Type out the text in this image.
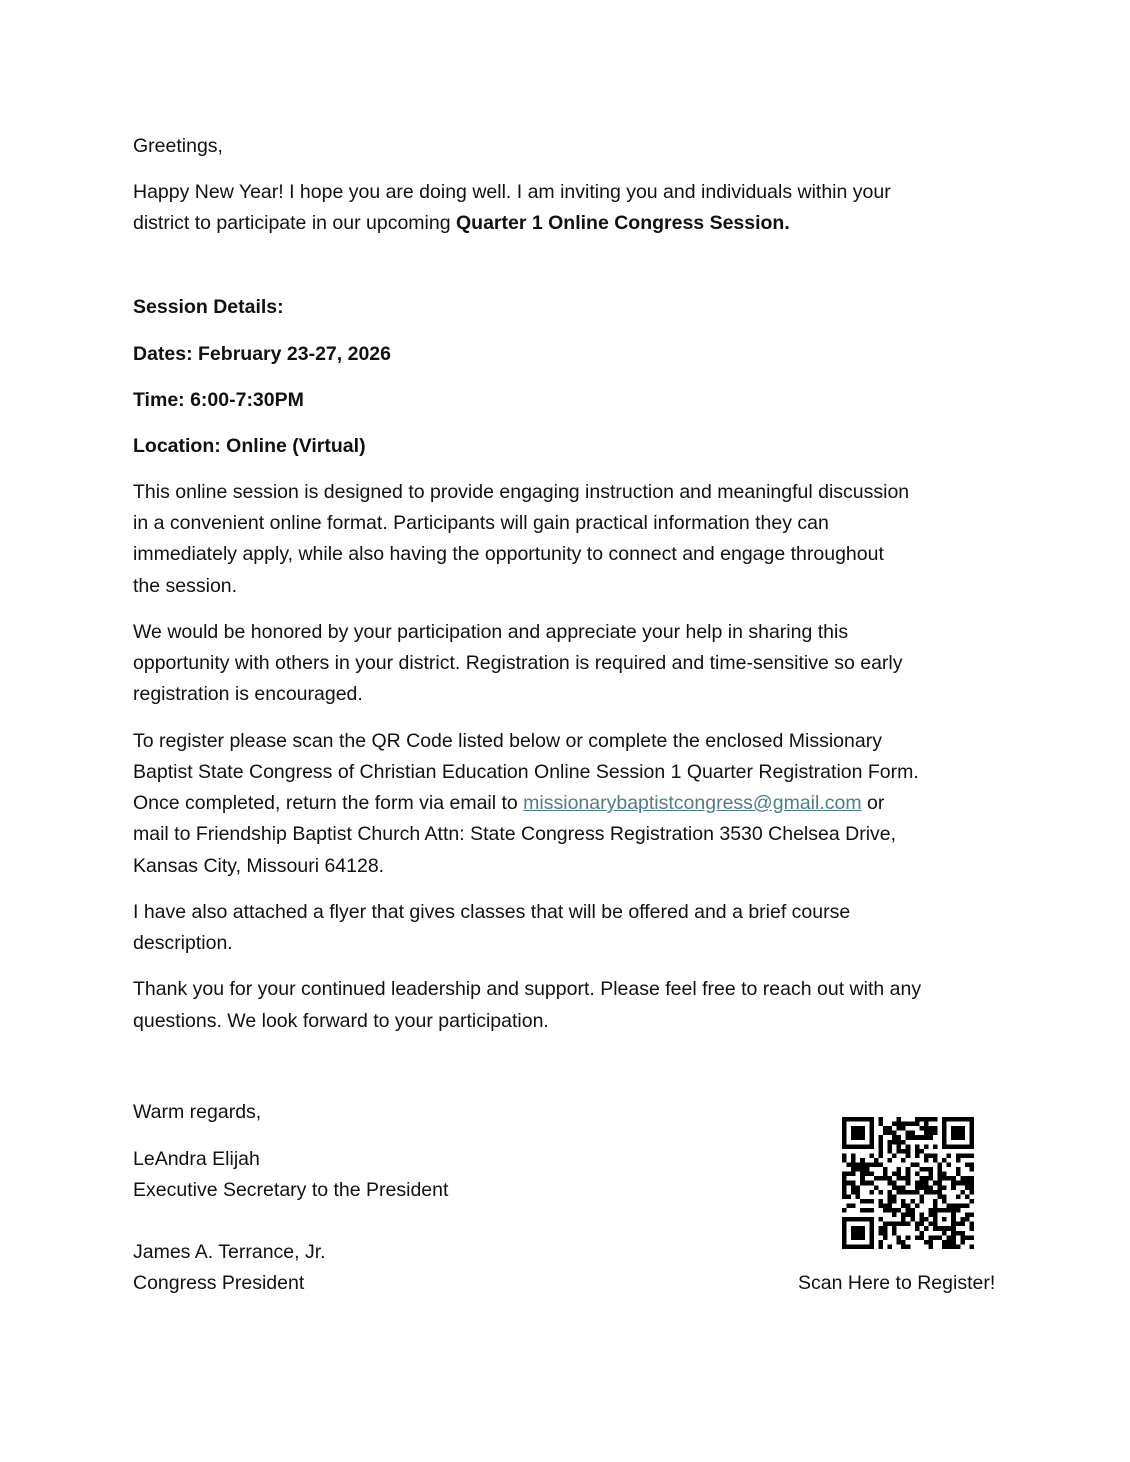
Greetings,

Happy New Year! I hope you are doing well. I am inviting you and individuals within your

district to participate in our upcoming Quarter 1 Online Congress Session.

Session Details:

Dates: February 23-27, 2026

Time: 6:00-7:30PM

Location: Online (Virtual)

This online session is designed to provide engaging instruction and meaningful discussion

in a convenient online format. Participants will gain practical information they can

immediately apply, while also having the opportunity to connect and engage throughout

the session.

We would be honored by your participation and appreciate your help in sharing this

opportunity with others in your district. Registration is required and time-sensitive so early

registration is encouraged.

To register please scan the QR Code listed below or complete the enclosed Missionary

Baptist State Congress of Christian Education Online Session 1 Quarter Registration Form.

Once completed, return the form via email to missionarybaptistcongress@gmail.com or

mail to Friendship Baptist Church Attn: State Congress Registration 3530 Chelsea Drive,

Kansas City, Missouri 64128.

I have also attached a flyer that gives classes that will be offered and a brief course

description.

Thank you for your continued leadership and support. Please feel free to reach out with any

questions. We look forward to your participation.

Warm regards,

LeAndra Elijah

Executive Secretary to the President

James A. Terrance, Jr.

Congress President	Scan Here to Register!
